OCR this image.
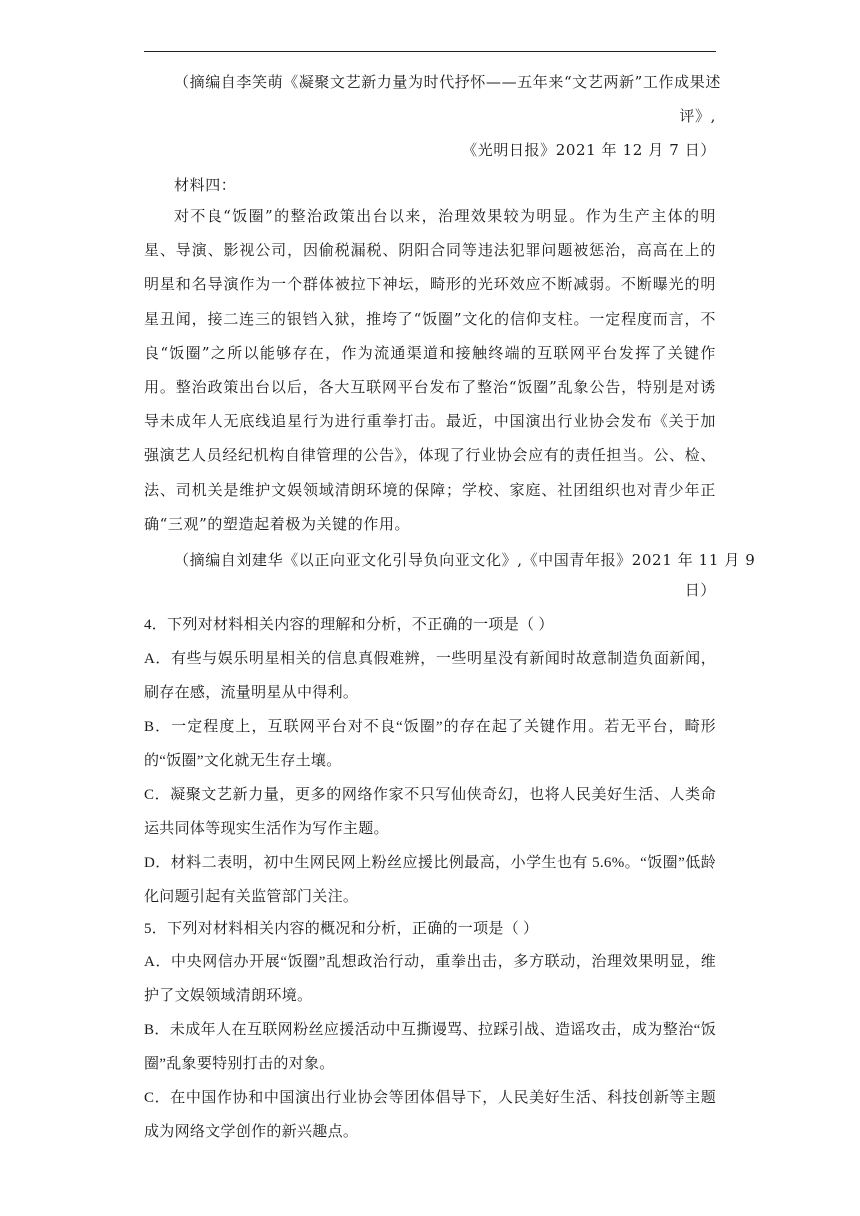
（摘编自李笑萌《凝聚文艺新力量为时代抒怀——五年来“文艺两新”工作成果述
评》,
《光明日报》2021 年 12 月 7 日）
材料四：
对不良“饭圈”的整治政策出台以来，治理效果较为明显。作为生产主体的明星、导演、影视公司，因偷税漏税、阴阳合同等违法犯罪问题被惩治，高高在上的明星和名导演作为一个群体被拉下神坛，畸形的光环效应不断减弱。不断曝光的明星丑闻，接二连三的银铛入狱，推垮了“饭圈”文化的信仰支柱。一定程度而言，不良“饭圈”之所以能够存在，作为流通渠道和接触终端的互联网平台发挥了关键作用。整治政策出台以后，各大互联网平台发布了整治“饭圈”乱象公告，特别是对诱导未成年人无底线追星行为进行重拳打击。最近，中国演出行业协会发布《关于加强演艺人员经纪机构自律管理的公告》，体现了行业协会应有的责任担当。公、检、法、司机关是维护文娱领域清朗环境的保障；学校、家庭、社团组织也对青少年正确“三观”的塑造起着极为关键的作用。
（摘编自刘建华《以正向亚文化引导负向亚文化》,《中国青年报》2021 年 11 月 9
日）
4．下列对材料相关内容的理解和分析，不正确的一项是（ ）
A．有些与娱乐明星相关的信息真假难辨，一些明星没有新闻时故意制造负面新闻，刷存在感，流量明星从中得利。
B．一定程度上，互联网平台对不良“饭圈”的存在起了关键作用。若无平台，畸形的“饭圈”文化就无生存土壤。
C．凝聚文艺新力量，更多的网络作家不只写仙侠奇幻，也将人民美好生活、人类命运共同体等现实生活作为写作主题。
D．材料二表明，初中生网民网上粉丝应援比例最高，小学生也有 5.6%。“饭圈”低龄化问题引起有关监管部门关注。
5．下列对材料相关内容的概况和分析，正确的一项是（ ）
A．中央网信办开展“饭圈”乱想政治行动，重拳出击，多方联动，治理效果明显，维护了文娱领域清朗环境。
B．未成年人在互联网粉丝应援活动中互撕谩骂、拉踩引战、造谣攻击，成为整治“饭圈”乱象要特别打击的对象。
C．在中国作协和中国演出行业协会等团体倡导下，人民美好生活、科技创新等主题成为网络文学创作的新兴趣点。
